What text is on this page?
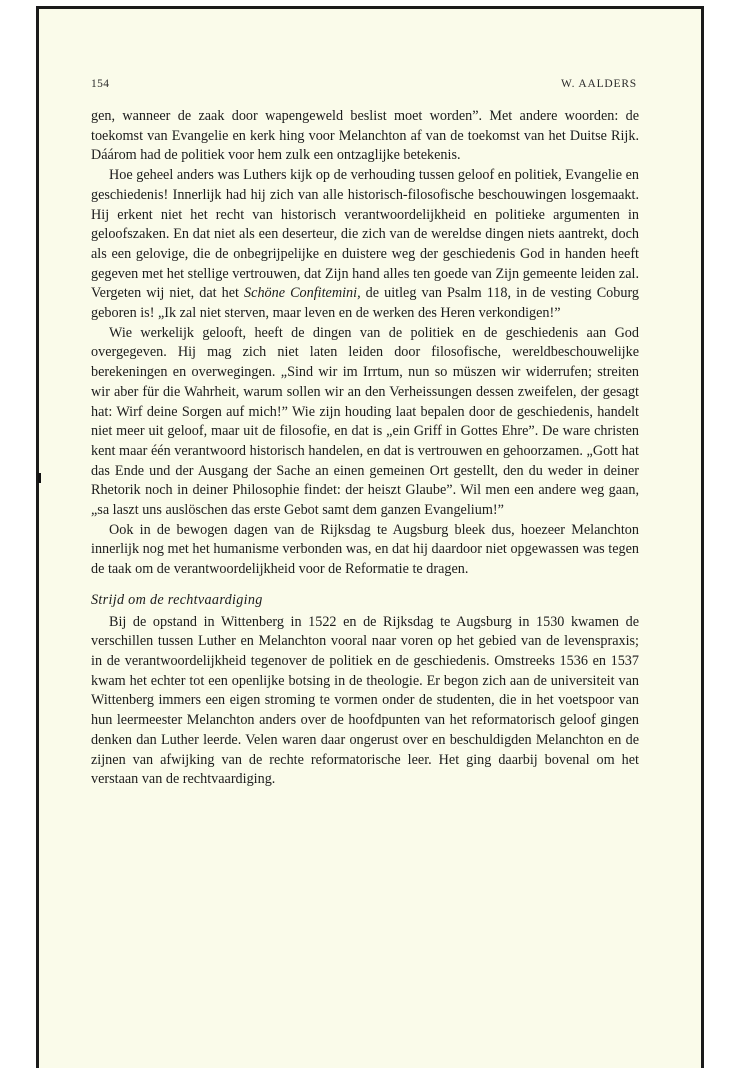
154	W. AALDERS

gen, wanneer de zaak door wapengeweld beslist moet worden”. Met andere woorden: de toekomst van Evangelie en kerk hing voor Melanchton af van de toekomst van het Duitse Rijk. Dáárom had de politiek voor hem zulk een ontzaglijke betekenis.

Hoe geheel anders was Luthers kijk op de verhouding tussen geloof en politiek, Evangelie en geschiedenis! Innerlijk had hij zich van alle historisch-filosofische beschouwingen losgemaakt. Hij erkent niet het recht van historisch verantwoordelijkheid en politieke argumenten in geloofszaken. En dat niet als een deserteur, die zich van de wereldse dingen niets aantrekt, doch als een gelovige, die de onbegrijpelijke en duistere weg der geschiedenis God in handen heeft gegeven met het stellige vertrouwen, dat Zijn hand alles ten goede van Zijn gemeente leiden zal. Vergeten wij niet, dat het Schöne Confitemini, de uitleg van Psalm 118, in de vesting Coburg geboren is! „Ik zal niet sterven, maar leven en de werken des Heren verkondigen!”

Wie werkelijk gelooft, heeft de dingen van de politiek en de geschiedenis aan God overgegeven. Hij mag zich niet laten leiden door filosofische, wereldbeschouwelijke berekeningen en overwegingen. „Sind wir im Irrtum, nun so müszen wir widerrufen; streiten wir aber für die Wahrheit, warum sollen wir an den Verheissungen dessen zweifelen, der gesagt hat: Wirf deine Sorgen auf mich!” Wie zijn houding laat bepalen door de geschiedenis, handelt niet meer uit geloof, maar uit de filosofie, en dat is „ein Griff in Gottes Ehre”. De ware christen kent maar één verantwoord historisch handelen, en dat is vertrouwen en gehoorzamen. „Gott hat das Ende und der Ausgang der Sache an einen gemeinen Ort gestellt, den du weder in deiner Rhetorik noch in deiner Philosophie findet: der heiszt Glaube”. Wil men een andere weg gaan, „sa laszt uns auslöschen das erste Gebot samt dem ganzen Evangelium!”

Ook in de bewogen dagen van de Rijksdag te Augsburg bleek dus, hoezeer Melanchton innerlijk nog met het humanisme verbonden was, en dat hij daardoor niet opgewassen was tegen de taak om de verantwoordelijkheid voor de Reformatie te dragen.

Strijd om de rechtvaardiging

Bij de opstand in Wittenberg in 1522 en de Rijksdag te Augsburg in 1530 kwamen de verschillen tussen Luther en Melanchton vooral naar voren op het gebied van de levenspraxis; in de verantwoordelijkheid tegenover de politiek en de geschiedenis. Omstreeks 1536 en 1537 kwam het echter tot een openlijke botsing in de theologie. Er begon zich aan de universiteit van Wittenberg immers een eigen stroming te vormen onder de studenten, die in het voetspoor van hun leermeester Melanchton anders over de hoofdpunten van het reformatorisch geloof gingen denken dan Luther leerde. Velen waren daar ongerust over en beschuldigden Melanchton en de zijnen van afwijking van de rechte reformatorische leer. Het ging daarbij bovenal om het verstaan van de rechtvaardiging.
